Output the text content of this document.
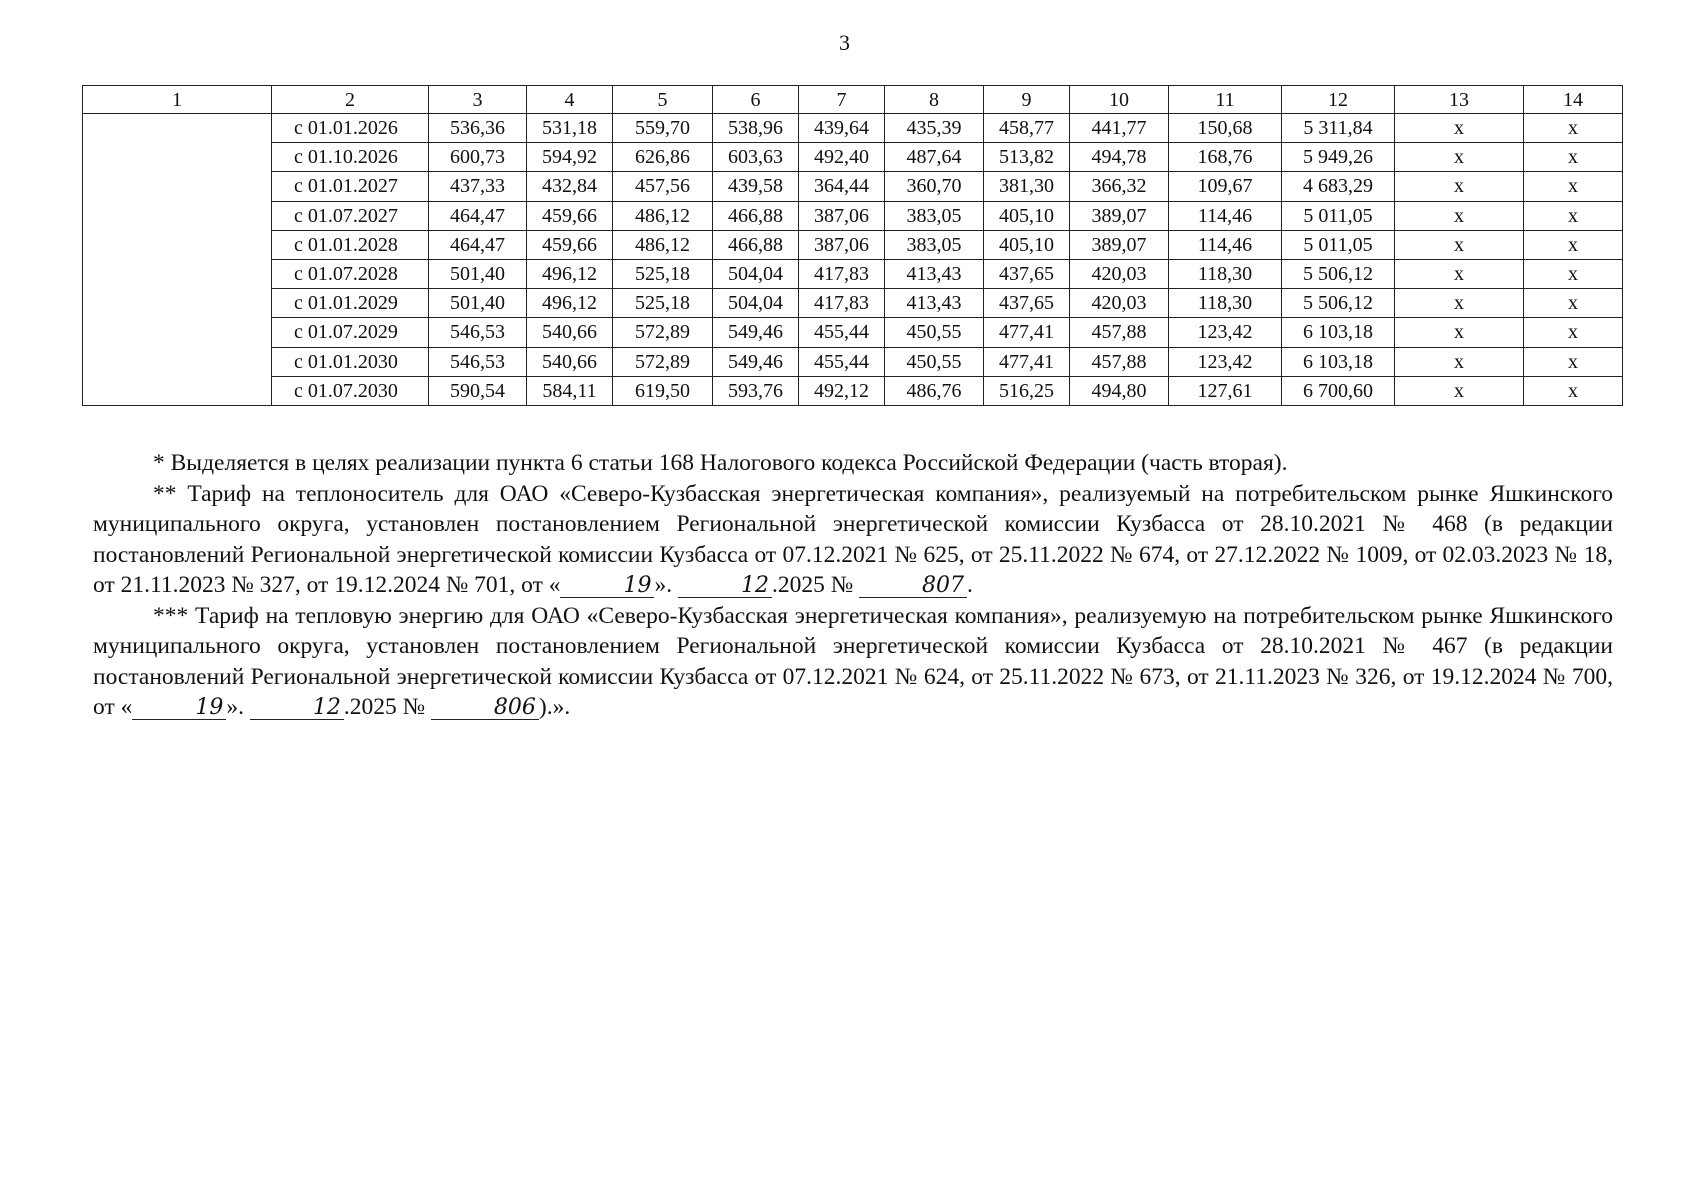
3
1	2	3	4	5	6	7	8	9	10	11	12	13	14
	с 01.01.2026	536,36	531,18	559,70	538,96	439,64	435,39	458,77	441,77	150,68	5 311,84	x	x
	с 01.10.2026	600,73	594,92	626,86	603,63	492,40	487,64	513,82	494,78	168,76	5 949,26	x	x
	с 01.01.2027	437,33	432,84	457,56	439,58	364,44	360,70	381,30	366,32	109,67	4 683,29	x	x
	с 01.07.2027	464,47	459,66	486,12	466,88	387,06	383,05	405,10	389,07	114,46	5 011,05	x	x
	с 01.01.2028	464,47	459,66	486,12	466,88	387,06	383,05	405,10	389,07	114,46	5 011,05	x	x
	с 01.07.2028	501,40	496,12	525,18	504,04	417,83	413,43	437,65	420,03	118,30	5 506,12	x	x
	с 01.01.2029	501,40	496,12	525,18	504,04	417,83	413,43	437,65	420,03	118,30	5 506,12	x	x
	с 01.07.2029	546,53	540,66	572,89	549,46	455,44	450,55	477,41	457,88	123,42	6 103,18	x	x
	с 01.01.2030	546,53	540,66	572,89	549,46	455,44	450,55	477,41	457,88	123,42	6 103,18	x	x
	с 01.07.2030	590,54	584,11	619,50	593,76	492,12	486,76	516,25	494,80	127,61	6 700,60	x	x

* Выделяется в целях реализации пункта 6 статьи 168 Налогового кодекса Российской Федерации (часть вторая).

** Тариф на теплоноситель для ОАО «Северо-Кузбасская энергетическая компания», реализуемый на потребительском рынке Яшкинского муниципального округа, установлен постановлением Региональной энергетической комиссии Кузбасса от 28.10.2021 № 468 (в редакции постановлений Региональной энергетической комиссии Кузбасса от 07.12.2021 № 625, от 25.11.2022 № 674, от 27.12.2022 № 1009, от 02.03.2023 № 18, от 21.11.2023 № 327, от 19.12.2024 № 701, от «	19 ».	12 .2025 №	807 .

*** Тариф на тепловую энергию для ОАО «Северо-Кузбасская энергетическая компания», реализуемую на потребительском рынке Яшкинского муниципального округа, установлен постановлением Региональной энергетической комиссии Кузбасса от 28.10.2021 № 467 (в редакции постановлений Региональной энергетической комиссии Кузбасса от 07.12.2021 № 624, от 25.11.2022 № 673, от 21.11.2023 № 326, от 19.12.2024 № 700, от «	19 ».	12 .2025 №	806 ).».
